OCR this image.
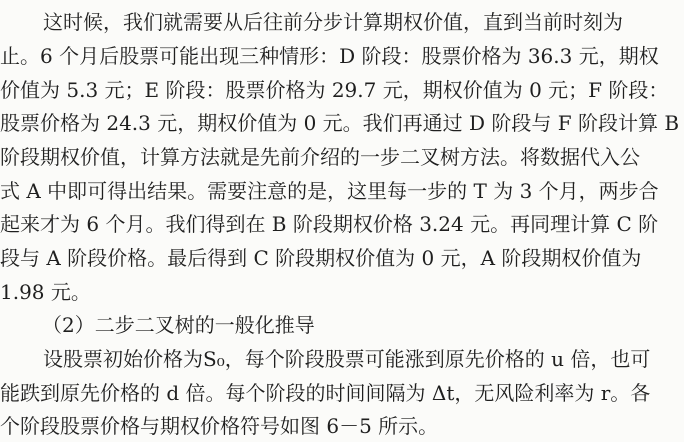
这时候，我们就需要从后往前分步计算期权价值，直到当前时刻为
止。6 个月后股票可能出现三种情形：D 阶段：股票价格为 36.3 元，期权
价值为 5.3 元；E 阶段：股票价格为 29.7 元，期权价值为 0 元；F 阶段：
股票价格为 24.3 元，期权价值为 0 元。我们再通过 D 阶段与 F 阶段计算 B
阶段期权价值，计算方法就是先前介绍的一步二叉树方法。将数据代入公
式 A 中即可得出结果。需要注意的是，这里每一步的 T 为 3 个月，两步合
起来才为 6 个月。我们得到在 B 阶段期权价格 3.24 元。再同理计算 C 阶
段与 A 阶段价格。最后得到 C 阶段期权价值为 0 元，A 阶段期权价值为
1.98 元。
（2）二步二叉树的一般化推导
设股票初始价格为S₀，每个阶段股票可能涨到原先价格的 u 倍，也可
能跌到原先价格的 d 倍。每个阶段的时间间隔为 Δt，无风险利率为 r。各
个阶段股票价格与期权价格符号如图 6－5 所示。
